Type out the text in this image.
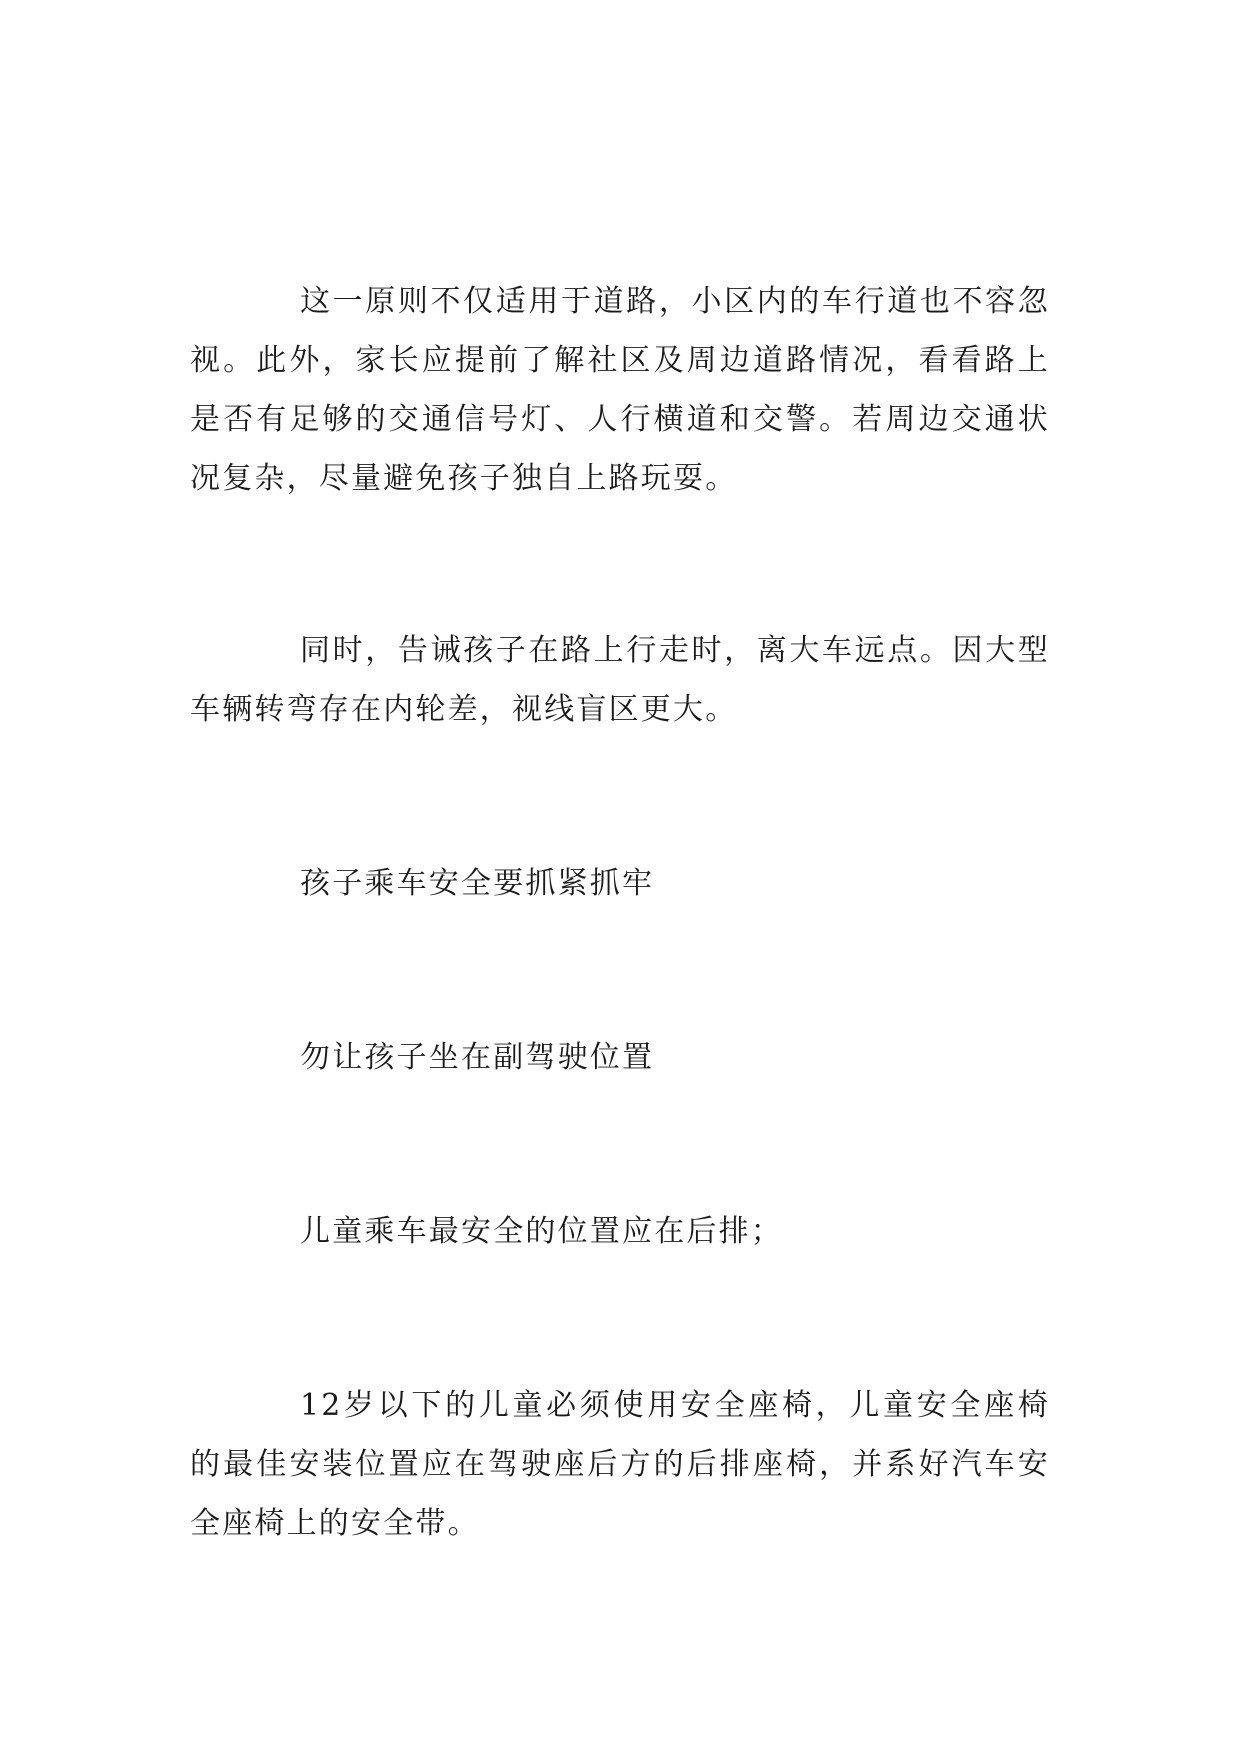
这一原则不仅适用于道路，小区内的车行道也不容忽视。此外，家长应提前了解社区及周边道路情况，看看路上是否有足够的交通信号灯、人行横道和交警。若周边交通状况复杂，尽量避免孩子独自上路玩耍。

同时，告诫孩子在路上行走时，离大车远点。因大型车辆转弯存在内轮差，视线盲区更大。

孩子乘车安全要抓紧抓牢

勿让孩子坐在副驾驶位置

儿童乘车最安全的位置应在后排；

12岁以下的儿童必须使用安全座椅，儿童安全座椅的最佳安装位置应在驾驶座后方的后排座椅，并系好汽车安全座椅上的安全带。
